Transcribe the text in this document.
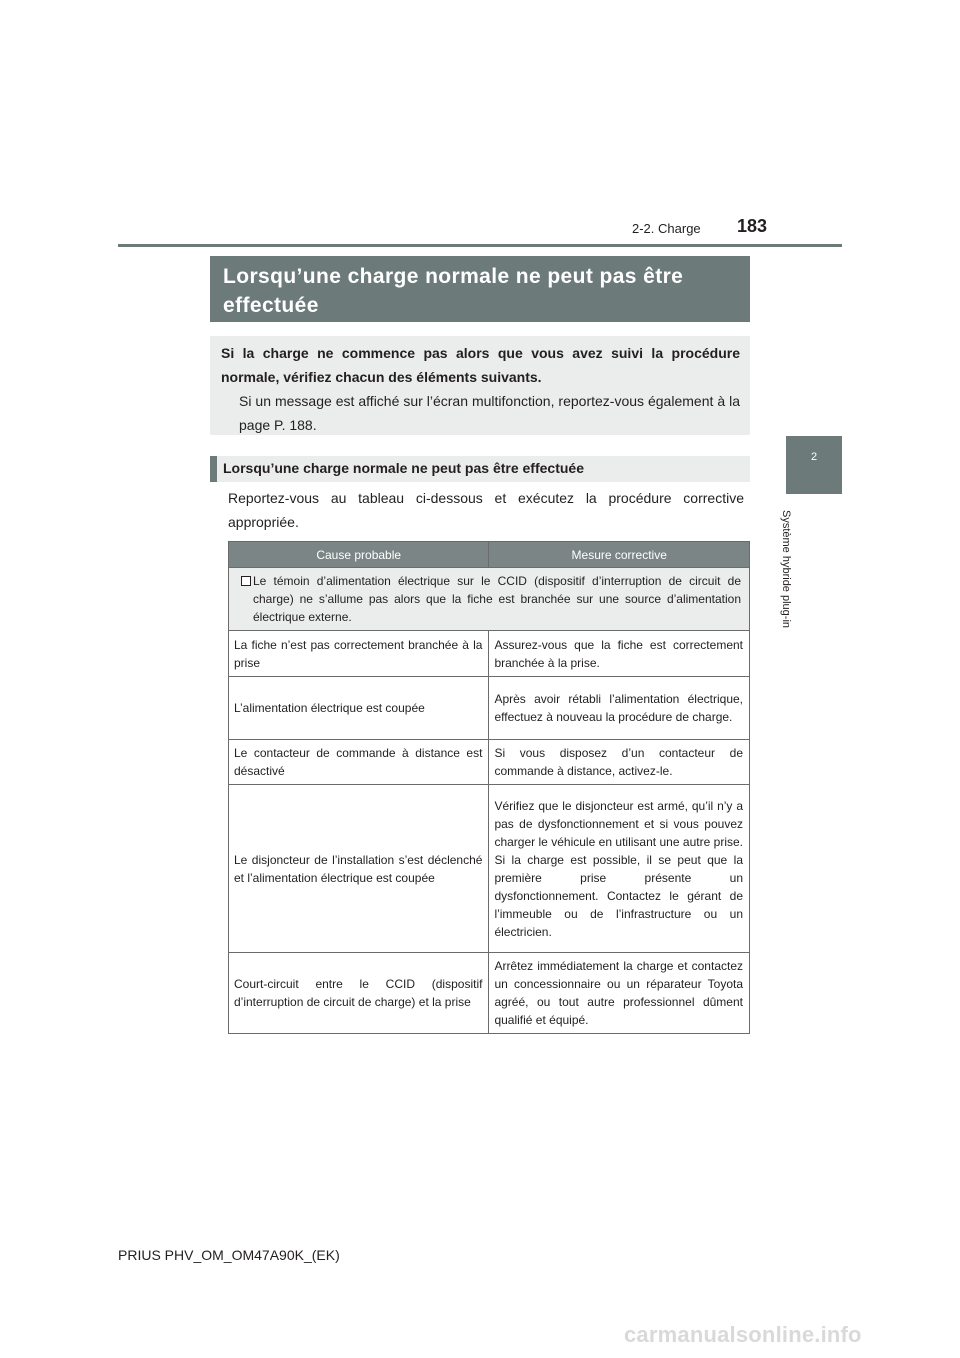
2-2. Charge 183
2
Système hybride plug-in
Lorsqu’une charge normale ne peut pas être effectuée
Si la charge ne commence pas alors que vous avez suivi la procédure normale, vérifiez chacun des éléments suivants.
Si un message est affiché sur l’écran multifonction, reportez-vous également à la page P. 188.
Lorsqu’une charge normale ne peut pas être effectuée
Reportez-vous au tableau ci-dessous et exécutez la procédure corrective appropriée.
Cause probable	Mesure corrective

Le témoin d’alimentation électrique sur le CCID (dispositif d’interruption de circuit de charge) ne s’allume pas alors que la fiche est branchée sur une source d’alimentation électrique externe.	

La fiche n’est pas correctement branchée à la prise	Assurez-vous que la fiche est correctement branchée à la prise.
L’alimentation électrique est coupée	Après avoir rétabli l’alimentation électrique, effectuez à nouveau la procédure de charge.
Le contacteur de commande à distance est désactivé	Si vous disposez d’un contacteur de commande à distance, activez-le.
Le disjoncteur de l’installation s’est déclenché et l’alimentation électrique est coupée	Vérifiez que le disjoncteur est armé, qu’il n’y a pas de dysfonctionnement et si vous pouvez charger le véhicule en utilisant une autre prise. Si la charge est possible, il se peut que la première prise présente un dysfonctionnement. Contactez le gérant de l’immeuble ou de l’infrastructure ou un électricien.
Court-circuit entre le CCID (dispositif d’interruption de circuit de charge) et la prise	Arrêtez immédiatement la charge et contactez un concessionnaire ou un réparateur Toyota agréé, ou tout autre professionnel dûment qualifié et équipé.
PRIUS PHV_OM_OM47A90K_(EK)
carmanualsonline.info
